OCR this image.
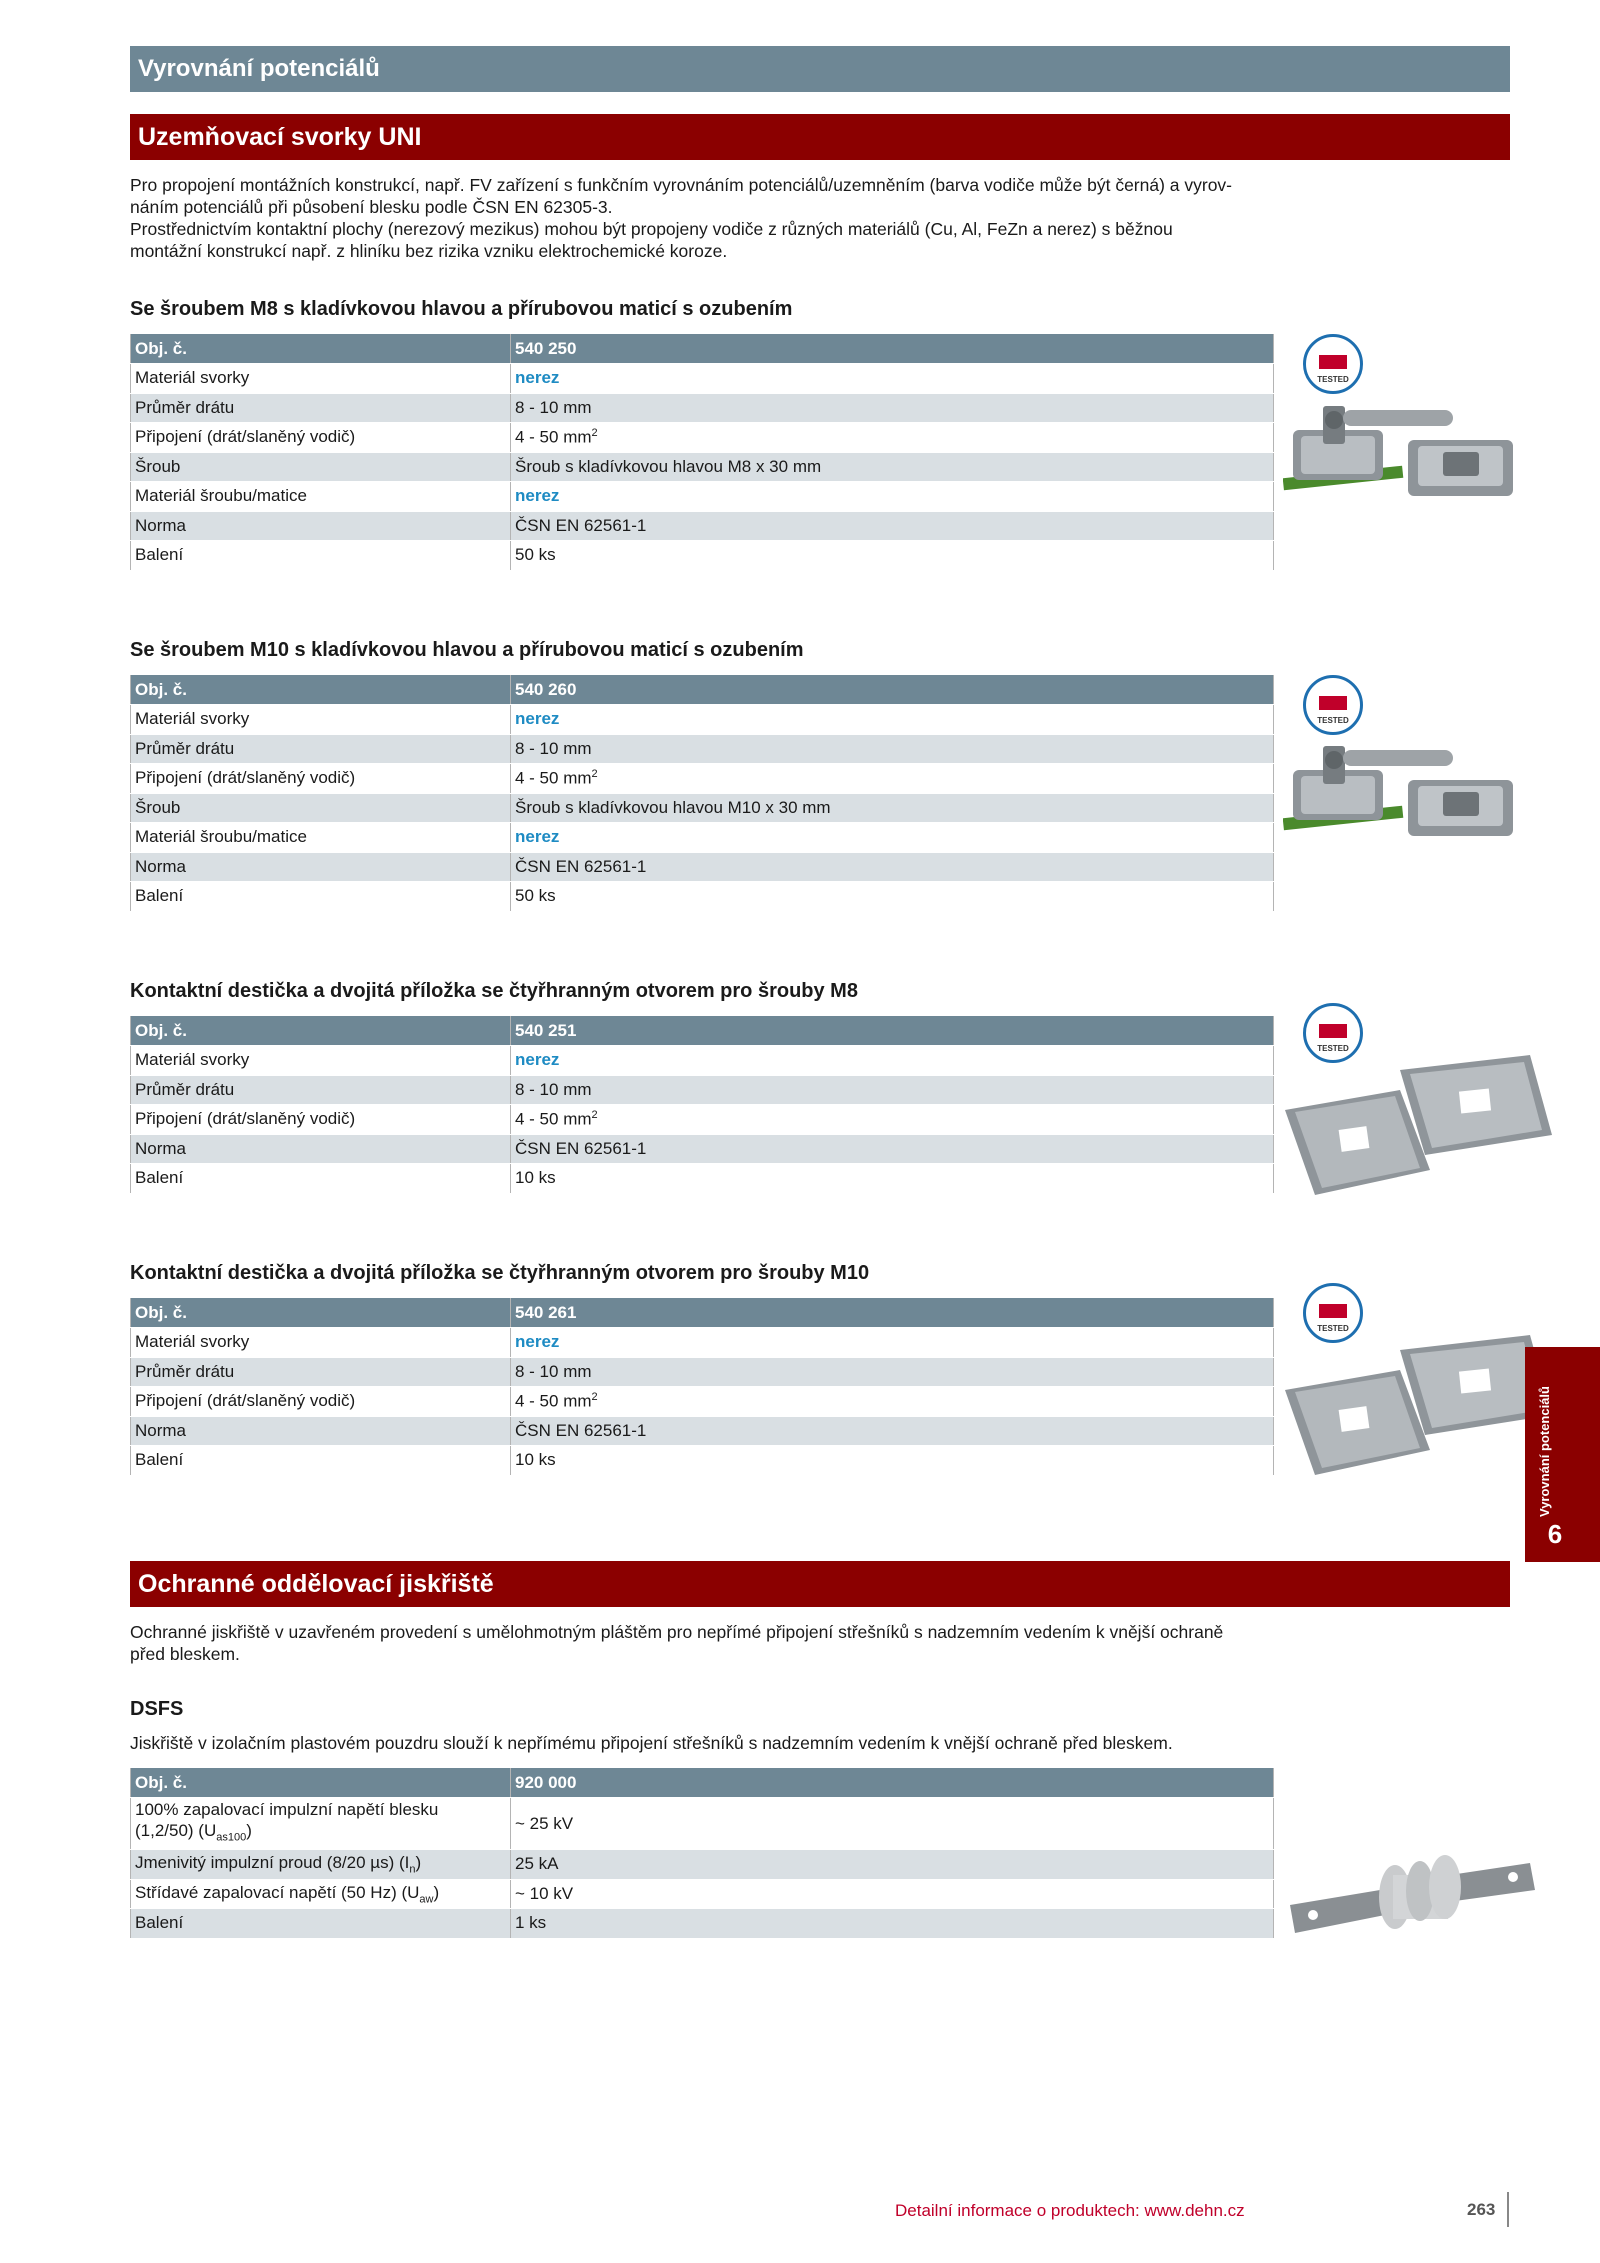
Vyrovnání potenciálů
Uzemňovací svorky UNI
Pro propojení montážních konstrukcí, např. FV zařízení s funkčním vyrovnáním potenciálů/uzemněním (barva vodiče může být černá) a vyrov-
náním potenciálů při působení blesku podle ČSN EN 62305-3.
Prostřednictvím kontaktní plochy (nerezový mezikus) mohou být propojeny vodiče z různých materiálů (Cu, Al, FeZn a nerez) s běžnou
montážní konstrukcí např. z hliníku bez rizika vzniku elektrochemické koroze.
Se šroubem M8 s kladívkovou hlavou a přírubovou maticí s ozubením
Obj. č.	540 250
Materiál svorky	nerez
Průměr drátu	8 - 10 mm
Připojení (drát/slaněný vodič)	4 - 50 $mm^2$
Šroub	Šroub s kladívkovou hlavou M8 x 30 mm
Materiál šroubu/matice	nerez
Norma	ČSN EN 62561-1
Balení	50 ks
TESTED
Se šroubem M10 s kladívkovou hlavou a přírubovou maticí s ozubením
Obj. č.	540 260
Materiál svorky	nerez
Průměr drátu	8 - 10 mm
Připojení (drát/slaněný vodič)	4 - 50 $mm^2$
Šroub	Šroub s kladívkovou hlavou M10 x 30 mm
Materiál šroubu/matice	nerez
Norma	ČSN EN 62561-1
Balení	50 ks
TESTED
Kontaktní destička a dvojitá příložka se čtyřhranným otvorem pro šrouby M8
Obj. č.	540 251
Materiál svorky	nerez
Průměr drátu	8 - 10 mm
Připojení (drát/slaněný vodič)	4 - 50 $mm^2$
Norma	ČSN EN 62561-1
Balení	10 ks
TESTED
Kontaktní destička a dvojitá příložka se čtyřhranným otvorem pro šrouby M10
Obj. č.	540 261
Materiál svorky	nerez
Průměr drátu	8 - 10 mm
Připojení (drát/slaněný vodič)	4 - 50 $mm^2$
Norma	ČSN EN 62561-1
Balení	10 ks
TESTED
Vyrovnání potenciálů
6
Ochranné oddělovací jiskřiště
Ochranné jiskřiště v uzavřeném provedení s umělohmotným pláštěm pro nepřímé připojení střešníků s nadzemním vedením k vnější ochraně
před bleskem.
DSFS
Jiskřiště v izolačním plastovém pouzdru slouží k nepřímému připojení střešníků s nadzemním vedením k vnější ochraně před bleskem.
Obj. č.	920 000

100% zapalovací impulzní napětí blesku
(1,2/50) $(U_{as100})$	~ 25 kV
Jmenivitý impulzní proud (8/20 µs) $(I_n)$	25 kA
Střídavé zapalovací napětí (50 Hz) $(U_{aw})$	~ 10 kV
Balení	1 ks
Detailní informace o produktech: www.dehn.cz	263
